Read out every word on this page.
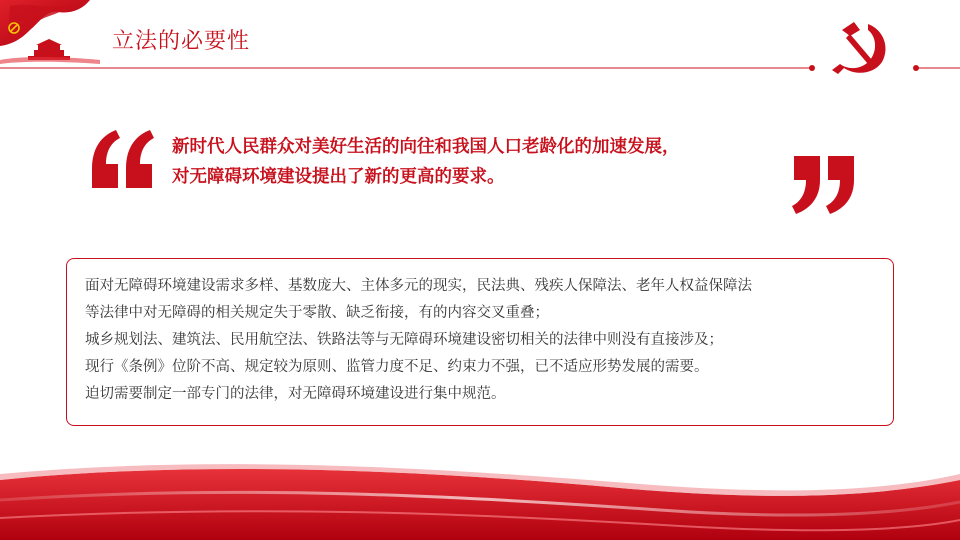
立法的必要性
新时代人民群众对美好生活的向往和我国人口老龄化的加速发展，
对无障碍环境建设提出了新的更高的要求。
面对无障碍环境建设需求多样、基数庞大、主体多元的现实，民法典、残疾人保障法、老年人权益保障法
等法律中对无障碍的相关规定失于零散、缺乏衔接，有的内容交叉重叠；
城乡规划法、建筑法、民用航空法、铁路法等与无障碍环境建设密切相关的法律中则没有直接涉及；
现行《条例》位阶不高、规定较为原则、监管力度不足、约束力不强，已不适应形势发展的需要。
迫切需要制定一部专门的法律，对无障碍环境建设进行集中规范。
